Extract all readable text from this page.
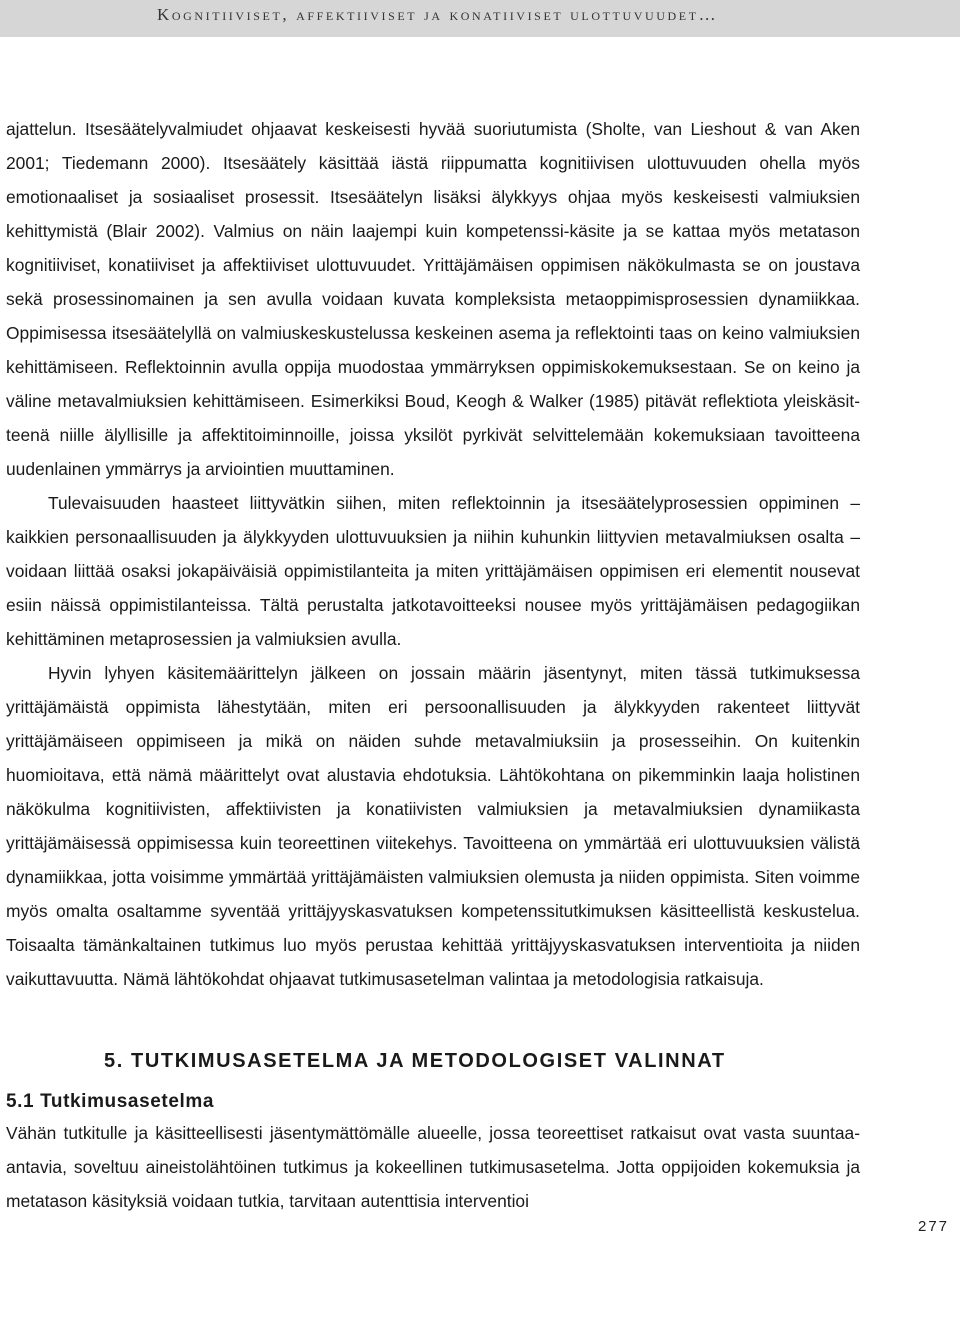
Kognitiiviset, affektiiviset ja konatiiviset ulottuvuudet…

ajattelun. Itsesäätelyvalmiudet ohjaavat keskeisesti hyvää suoriutumista (Sholte, van Lieshout & van Aken 2001; Tiedemann 2000). Itsesäätely käsittää iästä riippumatta kognitiivisen ulottuvuuden ohella myös emotionaaliset ja sosiaaliset prosessit. Itsesäätelyn lisäksi älykkyys ohjaa myös keskeisesti valmiuksien kehittymistä (Blair 2002). Valmius on näin laajempi kuin kompetenssi-käsite ja se kattaa myös metatason kognitiiviset, konatiiviset ja affektiiviset ulottuvuudet. Yrittäjämäisen oppimisen näkökulmasta se on joustava sekä prosessinomainen ja sen avulla voidaan kuvata kompleksista metaoppimisprosessien dynamiikkaa. Oppimisessa itsesäätelyllä on valmiuskeskustelussa keskeinen asema ja reflektointi taas on keino valmiuksien kehittämiseen. Reflektoinnin avulla oppija muodostaa ymmärryksen oppimiskokemuksestaan. Se on keino ja väline metavalmiuksien kehittämiseen. Esimerkiksi Boud, Keogh & Walker (1985) pitävät reflektiota yleiskäsitteenä niille älyllisille ja affektitoiminnoille, joissa yksilöt pyrkivät selvittelemään kokemuksiaan tavoitteena uudenlainen ymmärrys ja arviointien muuttaminen.

Tulevaisuuden haasteet liittyvätkin siihen, miten reflektoinnin ja itsesäätelyprosessien oppiminen – kaikkien personaallisuuden ja älykkyyden ulottuvuuksien ja niihin kuhunkin liittyvien metavalmiuksen osalta – voidaan liittää osaksi jokapäiväisiä oppimistilanteita ja miten yrittäjämäisen oppimisen eri elementit nousevat esiin näissä oppimistilanteissa. Tältä perustalta jatkotavoitteeksi nousee myös yrittäjämäisen pedagogiikan kehittäminen metaprosessien ja valmiuksien avulla.

Hyvin lyhyen käsitemäärittelyn jälkeen on jossain määrin jäsentynyt, miten tässä tutkimuksessa yrittäjämäistä oppimista lähestytään, miten eri persoonallisuuden ja älykkyyden rakenteet liittyvät yrittäjämäiseen oppimiseen ja mikä on näiden suhde metavalmiuksiin ja prosesseihin. On kuitenkin huomioitava, että nämä määrittelyt ovat alustavia ehdotuksia. Lähtökohtana on pikemminkin laaja holistinen näkökulma kognitiivisten, affektiivisten ja konatiivisten valmiuksien ja metavalmiuksien dynamiikasta yrittäjämäisessä oppimisessa kuin teoreettinen viitekehys. Tavoitteena on ymmärtää eri ulottuvuuksien välistä dynamiikkaa, jotta voisimme ymmärtää yrittäjämäisten valmiuksien olemusta ja niiden oppimista. Siten voimme myös omalta osaltamme syventää yrittäjyyskasvatuksen kompetenssitutkimuksen käsitteellistä keskustelua. Toisaalta tämänkaltainen tutkimus luo myös perustaa kehittää yrittäjyyskasvatuksen interventioita ja niiden vaikuttavuutta. Nämä lähtökohdat ohjaavat tutkimusasetelman valintaa ja metodologisia ratkaisuja.

5. TUTKIMUSASETELMA JA METODOLOGISET VALINNAT
5.1 Tutkimusasetelma

Vähän tutkitulle ja käsitteellisesti jäsentymättömälle alueelle, jossa teoreettiset ratkaisut ovat vasta suuntaa-antavia, soveltuu aineistolähtöinen tutkimus ja kokeellinen tutkimusasetelma. Jotta oppijoiden kokemuksia ja metatason käsityksiä voidaan tutkia, tarvitaan autenttisia interventioi

277
